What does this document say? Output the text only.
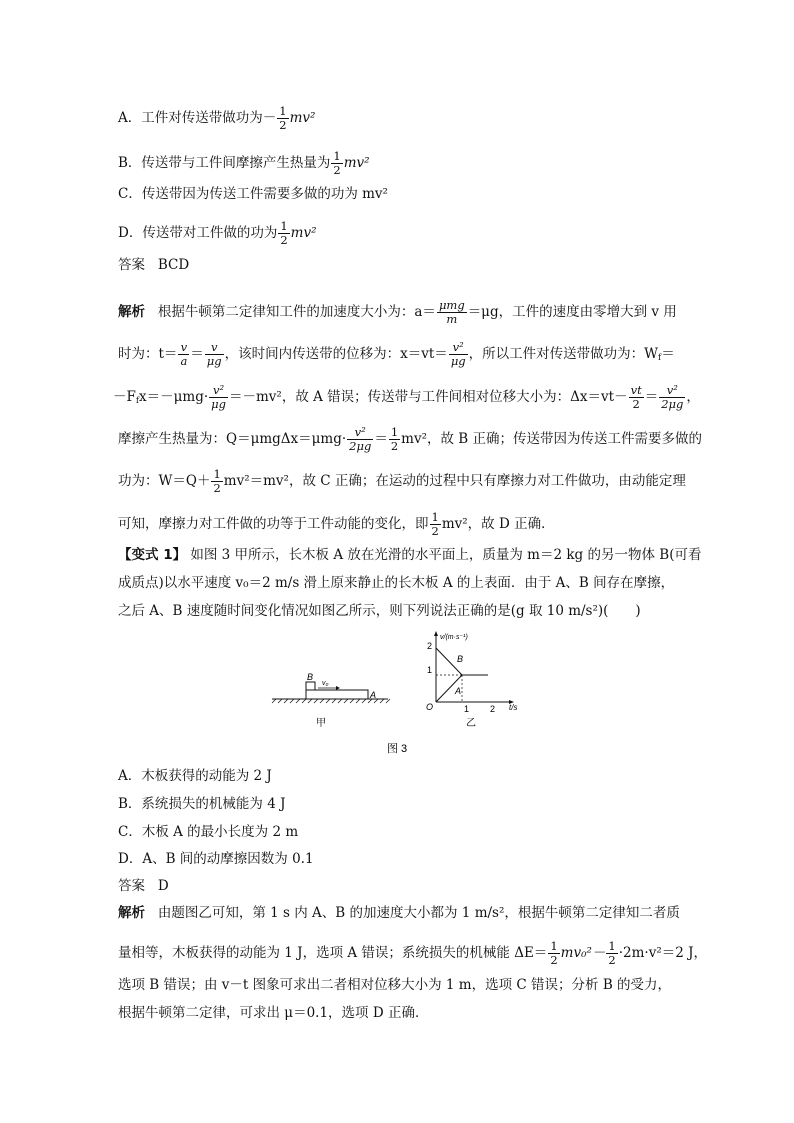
A．工件对传送带做功为－ $\frac{1}{2} mv^2$
B．传送带与工件间摩擦产生热量为 $\frac{1}{2} mv^2$
C．传送带因为传送工件需要多做的功为 mv²
D．传送带对工件做的功为 $\frac{1}{2} mv^2$
答案 BCD
解析 根据牛顿第二定律知工件的加速度大小为：$a= \frac{\text{μmg}}{m} =\mu g$，工件的速度由零增大到 v 用
时为：$t= \frac{v}{a} = \frac{v}{\mu g}$ ，该时间内传送带的位移为：$x=vt= \frac{\text{v²}}{\mu g}$ ，所以工件对传送带做功为：$W_f=$
$-F_fx=-\mu mg\cdot \frac{\text{v²}}{\mu g} =-mv^2$，故 A 错误；传送带与工件间相对位移大小为：$\Delta x=vt- \frac{vt}{2} = \frac{\text{v²}}{2\mu g}$ ，
摩擦产生热量为：$Q=\mu mg\Delta x=\mu mg\cdot \frac{\text{v²}}{2\mu g} = \frac{1}{2} mv^2$，故 B 正确；传送带因为传送工件需要多做的
功为：$W=Q+ \frac{1}{2} mv^2=mv^2$，故 C 正确；在运动的过程中只有摩擦力对工件做功，由动能定理
可知，摩擦力对工件做的功等于工件动能的变化，即 $\frac{1}{2} mv^2$，故 D 正确．
【变式 1】 如图 3 甲所示，长木板 A 放在光滑的水平面上，质量为 m＝2 kg 的另一物体 B(可看
成质点)以水平速度 v₀＝2 m/s 滑上原来静止的长木板 A 的上表面．由于 A、B 间存在摩擦，
之后 A、B 速度随时间变化情况如图乙所示，则下列说法正确的是(g 取 10 m/s²)(　　)
B
A
v₀
甲
v/(m·s⁻¹)
t/s
O
1
2
1 2
B
A
乙
图 3
A．木板获得的动能为 2 J
B．系统损失的机械能为 4 J
C．木板 A 的最小长度为 2 m
D．A、B 间的动摩擦因数为 0.1
答案 D
解析 由题图乙可知，第 1 s 内 A、B 的加速度大小都为 1 m/s²，根据牛顿第二定律知二者质
量相等，木板获得的动能为 1 J，选项 A 错误；系统损失的机械能 $\Delta E= \frac{1}{2} mv_0^2- \frac{1}{2} \cdot 2m\cdot v^2=2$ J，
选项 B 错误；由 v－t 图象可求出二者相对位移大小为 1 m，选项 C 错误；分析 B 的受力，
根据牛顿第二定律，可求出 μ＝0.1，选项 D 正确．
